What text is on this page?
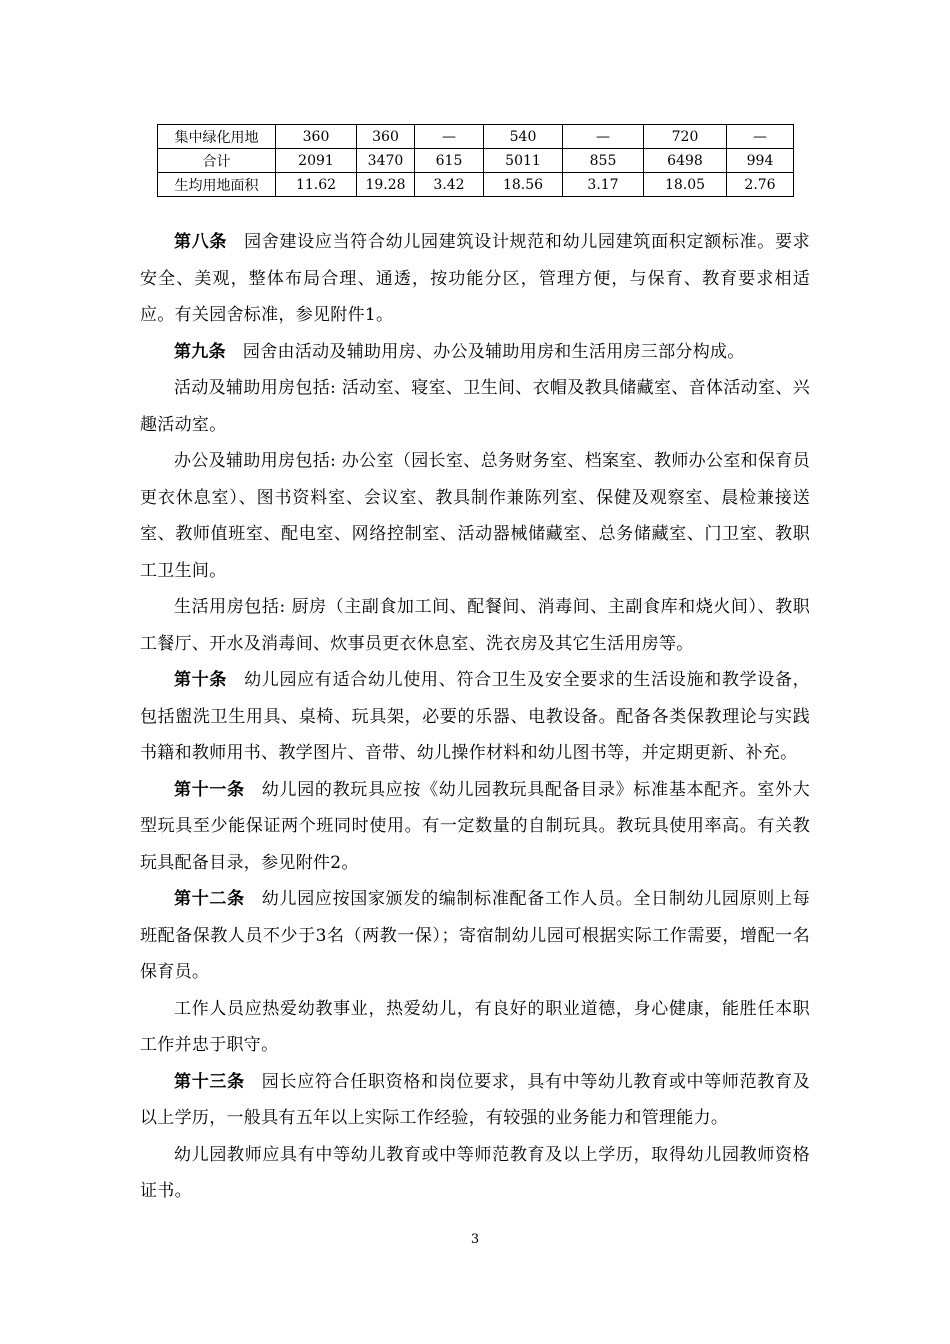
集中绿化用地	360	360	—	540	—	720	—
合计	2091	3470	615	5011	855	6498	994
生均用地面积	11.62	19.28	3.42	18.56	3.17	18.05	2.76

第八条 园舍建设应当符合幼儿园建筑设计规范和幼儿园建筑面积定额标准。要求安全、美观，整体布局合理、通透，按功能分区，管理方便，与保育、教育要求相适应。有关园舍标准，参见附件1。

第九条 园舍由活动及辅助用房、办公及辅助用房和生活用房三部分构成。

活动及辅助用房包括: 活动室、寝室、卫生间、衣帽及教具储藏室、音体活动室、兴趣活动室。

办公及辅助用房包括: 办公室（园长室、总务财务室、档案室、教师办公室和保育员更衣休息室）、图书资料室、会议室、教具制作兼陈列室、保健及观察室、晨检兼接送室、教师值班室、配电室、网络控制室、活动器械储藏室、总务储藏室、门卫室、教职工卫生间。

生活用房包括: 厨房（主副食加工间、配餐间、消毒间、主副食库和烧火间）、教职工餐厅、开水及消毒间、炊事员更衣休息室、洗衣房及其它生活用房等。

第十条 幼儿园应有适合幼儿使用、符合卫生及安全要求的生活设施和教学设备，包括盥洗卫生用具、桌椅、玩具架，必要的乐器、电教设备。配备各类保教理论与实践书籍和教师用书、教学图片、音带、幼儿操作材料和幼儿图书等，并定期更新、补充。

第十一条 幼儿园的教玩具应按《幼儿园教玩具配备目录》标准基本配齐。室外大型玩具至少能保证两个班同时使用。有一定数量的自制玩具。教玩具使用率高。有关教玩具配备目录，参见附件2。

第十二条 幼儿园应按国家颁发的编制标准配备工作人员。全日制幼儿园原则上每班配备保教人员不少于3名（两教一保）；寄宿制幼儿园可根据实际工作需要，增配一名保育员。

工作人员应热爱幼教事业，热爱幼儿，有良好的职业道德，身心健康，能胜任本职工作并忠于职守。

第十三条 园长应符合任职资格和岗位要求，具有中等幼儿教育或中等师范教育及以上学历，一般具有五年以上实际工作经验，有较强的业务能力和管理能力。

幼儿园教师应具有中等幼儿教育或中等师范教育及以上学历，取得幼儿园教师资格证书。

3
